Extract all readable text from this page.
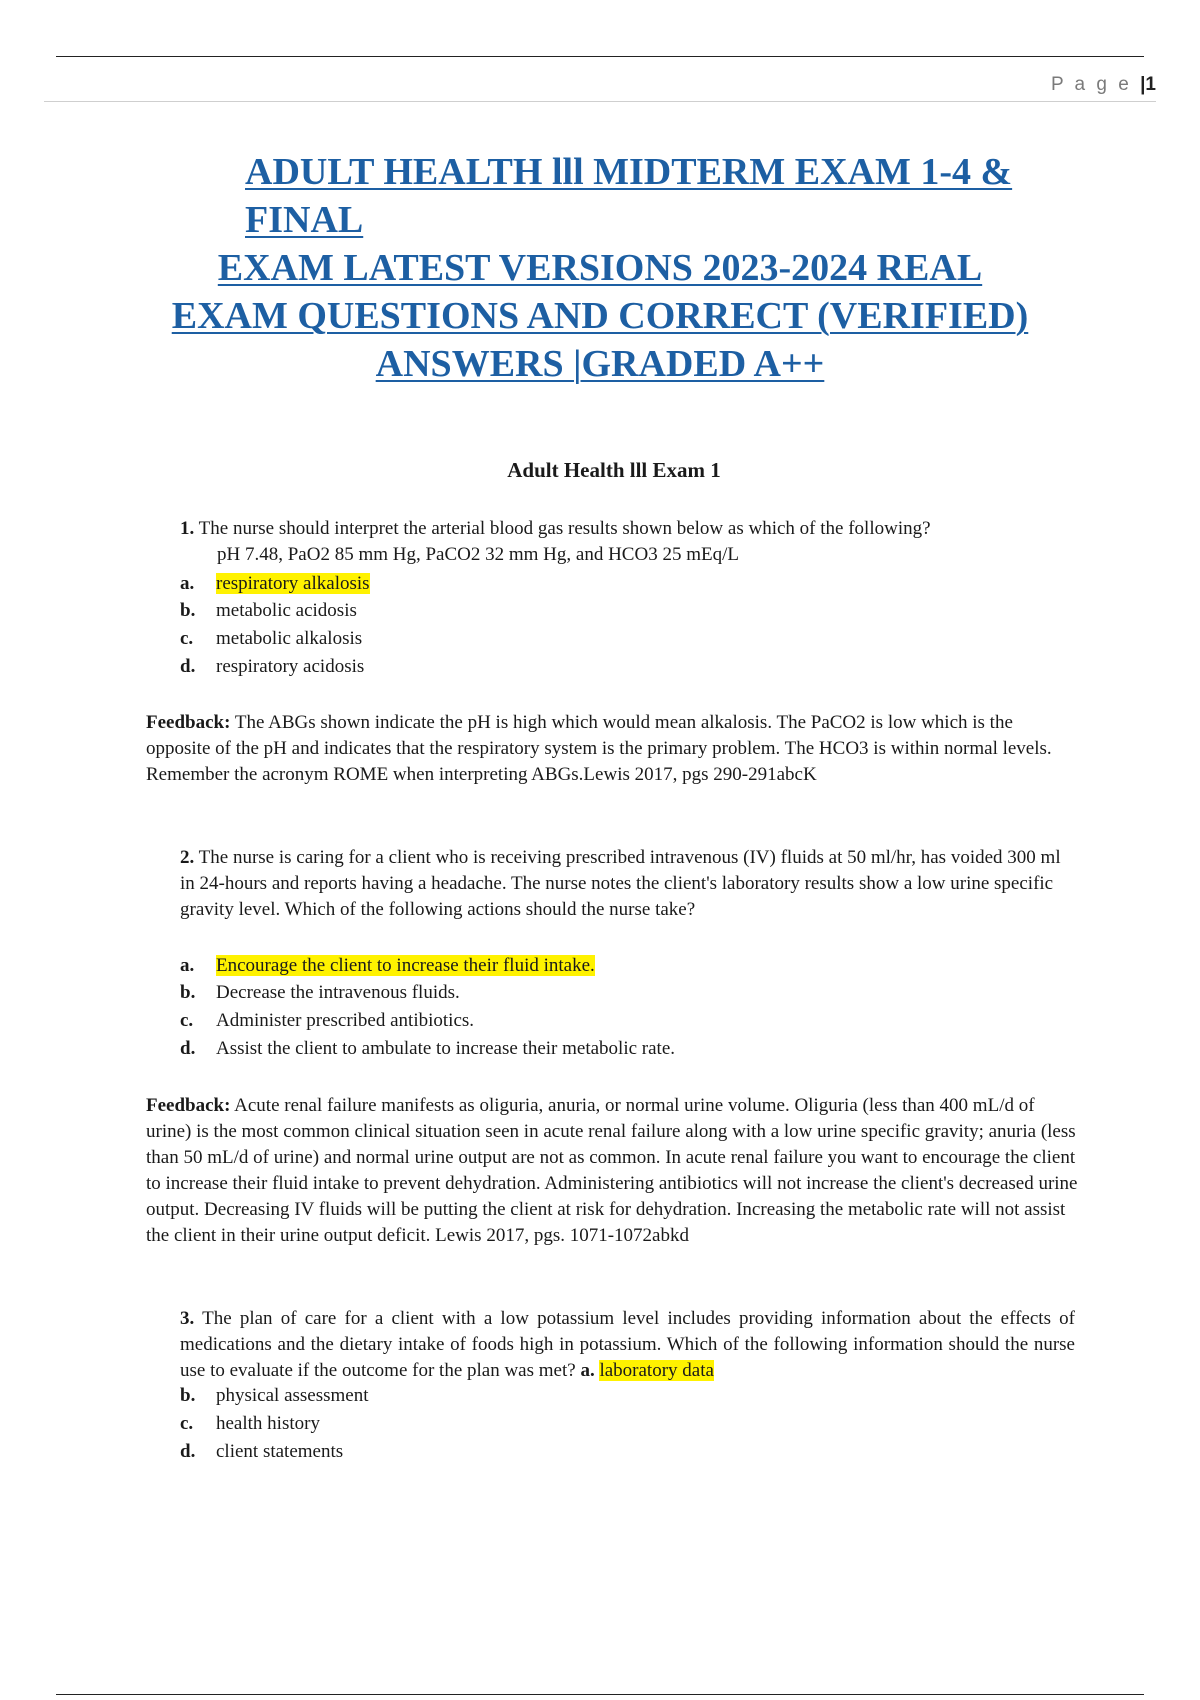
P a g e |1
ADULT HEALTH lll MIDTERM EXAM 1-4 &
FINAL
EXAM LATEST VERSIONS 2023-2024 REAL
EXAM QUESTIONS AND CORRECT (VERIFIED)
ANSWERS |GRADED A++
Adult Health lll Exam 1
1. The nurse should interpret the arterial blood gas results shown below as which of the following?
pH 7.48, PaO2 85 mm Hg, PaCO2 32 mm Hg, and HCO3 25 mEq/L
a. respiratory alkalosis
b. metabolic acidosis
c. metabolic alkalosis
d. respiratory acidosis
Feedback: The ABGs shown indicate the pH is high which would mean alkalosis. The PaCO2 is low which is the opposite of the pH and indicates that the respiratory system is the primary problem. The HCO3 is within normal levels. Remember the acronym ROME when interpreting ABGs.Lewis 2017, pgs 290-291abcK
2. The nurse is caring for a client who is receiving prescribed intravenous (IV) fluids at 50 ml/hr, has voided 300 ml in 24-hours and reports having a headache. The nurse notes the client's laboratory results show a low urine specific gravity level. Which of the following actions should the nurse take?
a. Encourage the client to increase their fluid intake.
b. Decrease the intravenous fluids.
c. Administer prescribed antibiotics.
d. Assist the client to ambulate to increase their metabolic rate.
Feedback: Acute renal failure manifests as oliguria, anuria, or normal urine volume. Oliguria (less than 400 mL/d of urine) is the most common clinical situation seen in acute renal failure along with a low urine specific gravity; anuria (less than 50 mL/d of urine) and normal urine output are not as common. In acute renal failure you want to encourage the client to increase their fluid intake to prevent dehydration. Administering antibiotics will not increase the client's decreased urine output. Decreasing IV fluids will be putting the client at risk for dehydration. Increasing the metabolic rate will not assist the client in their urine output deficit. Lewis 2017, pgs. 1071-1072abkd
3. The plan of care for a client with a low potassium level includes providing information about the effects of medications and the dietary intake of foods high in potassium. Which of the following information should the nurse use to evaluate if the outcome for the plan was met? a. laboratory data
b. physical assessment
c. health history
d. client statements
